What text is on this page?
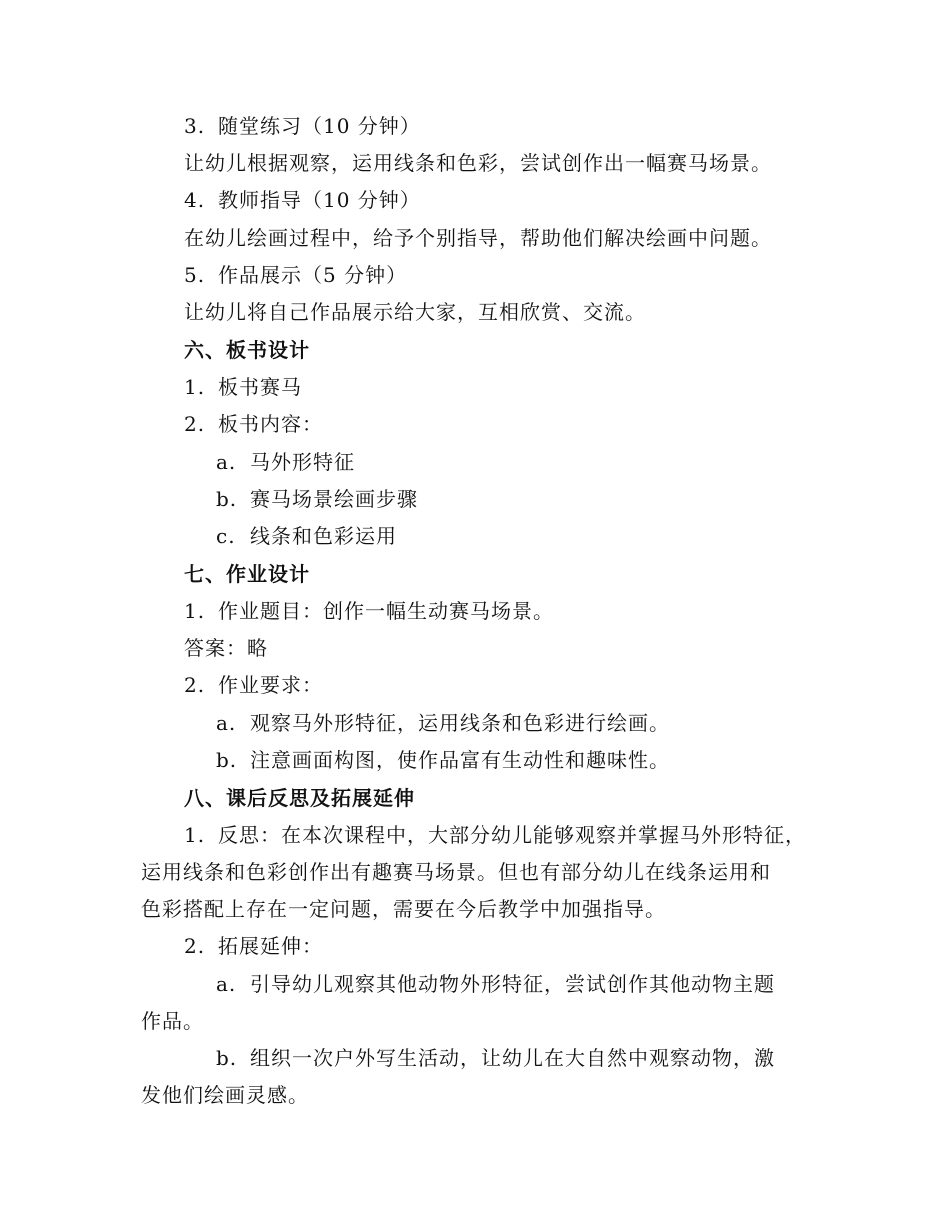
3. 随堂练习（10 分钟）
让幼儿根据观察，运用线条和色彩，尝试创作出一幅赛马场景。
4. 教师指导（10 分钟）
在幼儿绘画过程中，给予个别指导，帮助他们解决绘画中问题。
5. 作品展示（5 分钟）
让幼儿将自己作品展示给大家，互相欣赏、交流。
六、板书设计
1. 板书赛马
2. 板书内容：
a. 马外形特征
b. 赛马场景绘画步骤
c. 线条和色彩运用
七、作业设计
1. 作业题目：创作一幅生动赛马场景。
答案：略
2. 作业要求：
a. 观察马外形特征，运用线条和色彩进行绘画。
b. 注意画面构图，使作品富有生动性和趣味性。
八、课后反思及拓展延伸
1. 反思：在本次课程中，大部分幼儿能够观察并掌握马外形特征，
运用线条和色彩创作出有趣赛马场景。但也有部分幼儿在线条运用和
色彩搭配上存在一定问题，需要在今后教学中加强指导。
2. 拓展延伸：
a. 引导幼儿观察其他动物外形特征，尝试创作其他动物主题
作品。
b. 组织一次户外写生活动，让幼儿在大自然中观察动物，激
发他们绘画灵感。
